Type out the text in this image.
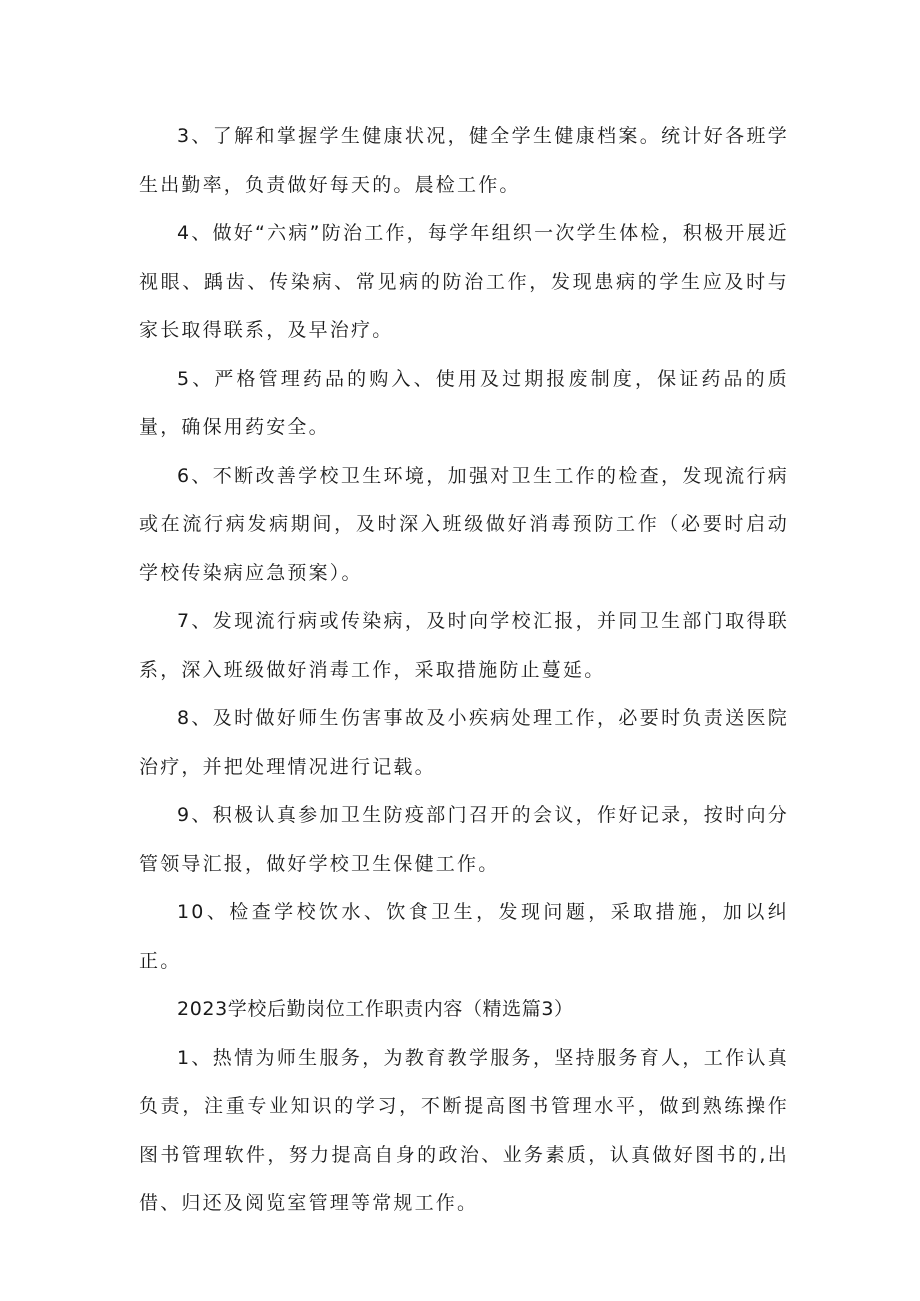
3、了解和掌握学生健康状况，健全学生健康档案。统计好各班学生出勤率，负责做好每天的。晨检工作。

4、做好“六病”防治工作，每学年组织一次学生体检，积极开展近视眼、踽齿、传染病、常见病的防治工作，发现患病的学生应及时与家长取得联系，及早治疗。

5、严格管理药品的购入、使用及过期报废制度，保证药品的质量，确保用药安全。

6、不断改善学校卫生环境，加强对卫生工作的检查，发现流行病或在流行病发病期间，及时深入班级做好消毒预防工作（必要时启动学校传染病应急预案）。

7、发现流行病或传染病，及时向学校汇报，并同卫生部门取得联系，深入班级做好消毒工作，采取措施防止蔓延。

8、及时做好师生伤害事故及小疾病处理工作，必要时负责送医院治疗，并把处理情况进行记载。

9、积极认真参加卫生防疫部门召开的会议，作好记录，按时向分管领导汇报，做好学校卫生保健工作。

10、检查学校饮水、饮食卫生，发现问题，采取措施，加以纠正。

2023学校后勤岗位工作职责内容（精选篇3）

1、热情为师生服务，为教育教学服务，坚持服务育人，工作认真负责，注重专业知识的学习，不断提高图书管理水平，做到熟练操作图书管理软件，努力提高自身的政治、业务素质，认真做好图书的,出借、归还及阅览室管理等常规工作。
